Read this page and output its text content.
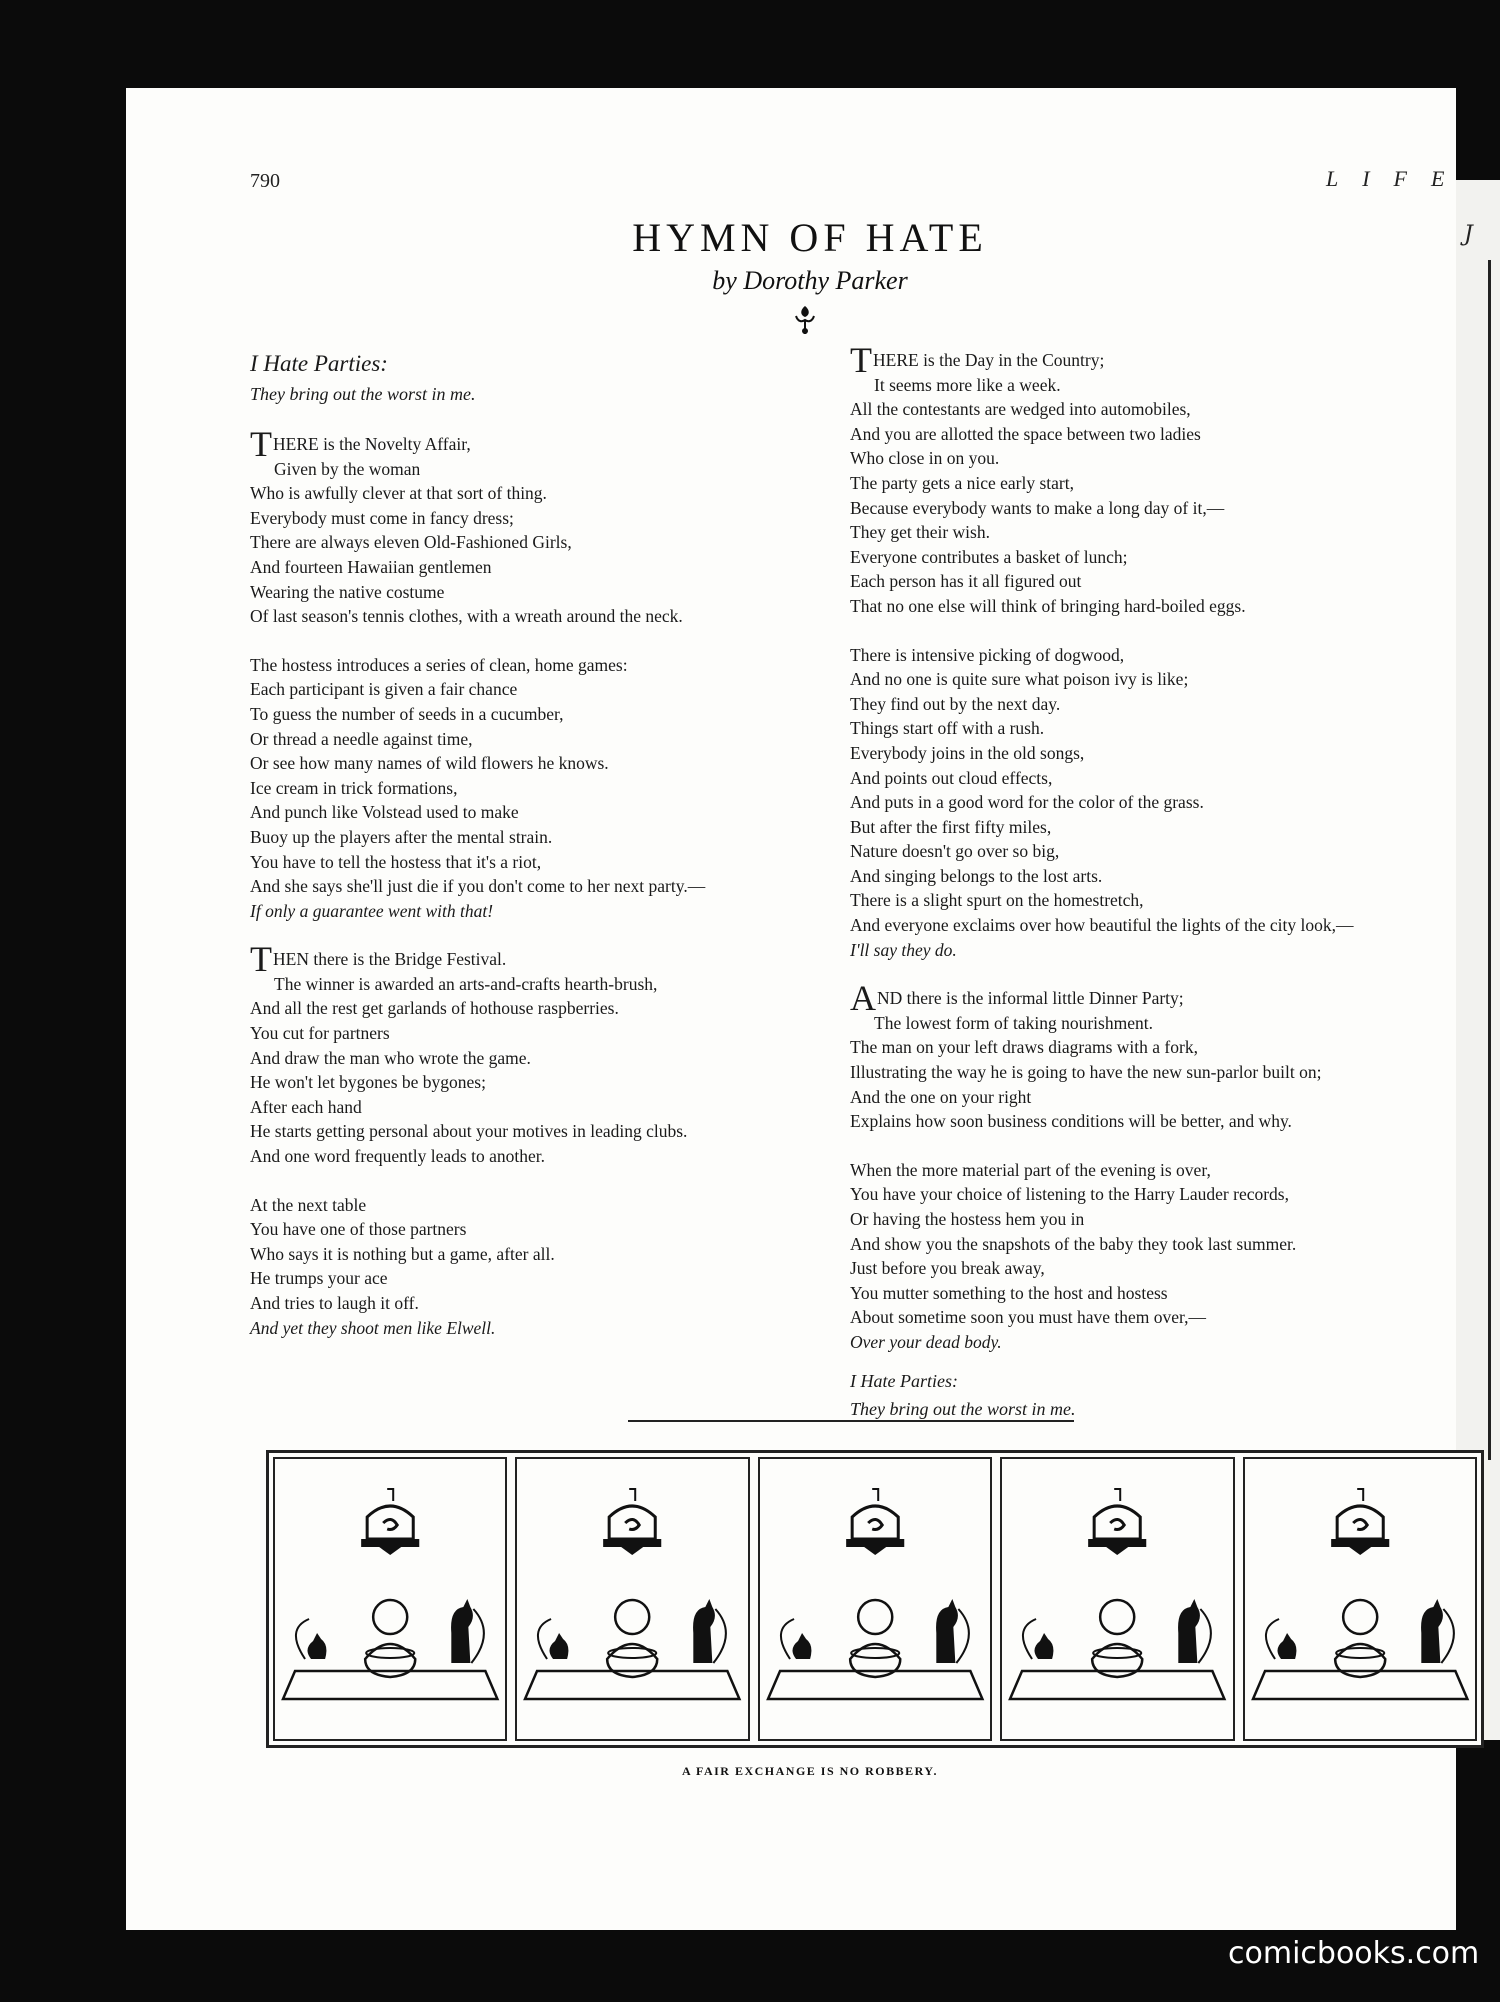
J
790	LIFE
HYMN OF HATE
by Dorothy Parker
I Hate Parties:
They bring out the worst in me.
THERE is the Novelty Affair,
Given by the woman
Who is awfully clever at that sort of thing.
Everybody must come in fancy dress;
There are always eleven Old-Fashioned Girls,
And fourteen Hawaiian gentlemen
Wearing the native costume
Of last season's tennis clothes, with a wreath around the neck.
The hostess introduces a series of clean, home games:
Each participant is given a fair chance
To guess the number of seeds in a cucumber,
Or thread a needle against time,
Or see how many names of wild flowers he knows.
Ice cream in trick formations,
And punch like Volstead used to make
Buoy up the players after the mental strain.
You have to tell the hostess that it's a riot,
And she says she'll just die if you don't come to her next party.—
If only a guarantee went with that!
THEN there is the Bridge Festival.
The winner is awarded an arts-and-crafts hearth-brush,
And all the rest get garlands of hothouse raspberries.
You cut for partners
And draw the man who wrote the game.
He won't let bygones be bygones;
After each hand
He starts getting personal about your motives in leading clubs.
And one word frequently leads to another.
At the next table
You have one of those partners
Who says it is nothing but a game, after all.
He trumps your ace
And tries to laugh it off.
And yet they shoot men like Elwell.
THERE is the Day in the Country;
It seems more like a week.
All the contestants are wedged into automobiles,
And you are allotted the space between two ladies
Who close in on you.
The party gets a nice early start,
Because everybody wants to make a long day of it,—
They get their wish.
Everyone contributes a basket of lunch;
Each person has it all figured out
That no one else will think of bringing hard-boiled eggs.
There is intensive picking of dogwood,
And no one is quite sure what poison ivy is like;
They find out by the next day.
Things start off with a rush.
Everybody joins in the old songs,
And points out cloud effects,
And puts in a good word for the color of the grass.
But after the first fifty miles,
Nature doesn't go over so big,
And singing belongs to the lost arts.
There is a slight spurt on the homestretch,
And everyone exclaims over how beautiful the lights of the city look,—
I'll say they do.
AND there is the informal little Dinner Party;
The lowest form of taking nourishment.
The man on your left draws diagrams with a fork,
Illustrating the way he is going to have the new sun-parlor built on;
And the one on your right
Explains how soon business conditions will be better, and why.
When the more material part of the evening is over,
You have your choice of listening to the Harry Lauder records,
Or having the hostess hem you in
And show you the snapshots of the baby they took last summer.
Just before you break away,
You mutter something to the host and hostess
About sometime soon you must have them over,—
Over your dead body.
I Hate Parties:
They bring out the worst in me.
A FAIR EXCHANGE IS NO ROBBERY.
comicbooks.com
